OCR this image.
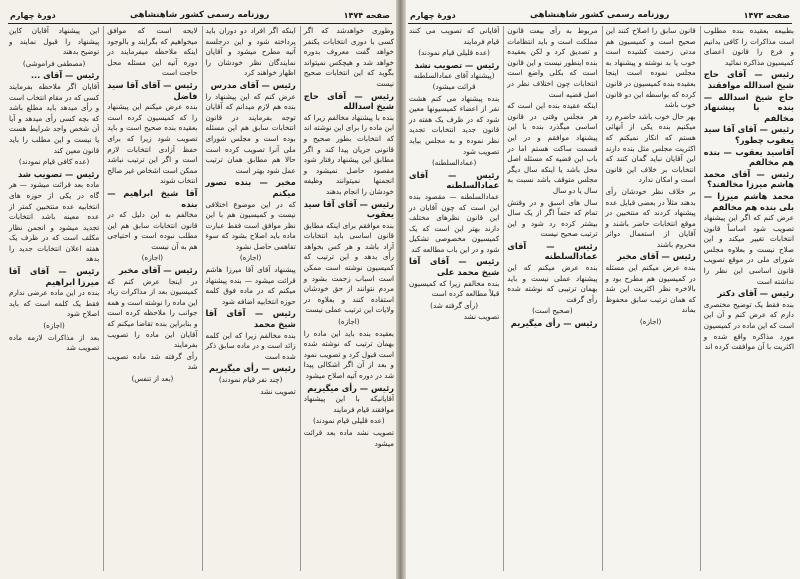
صفحه ۱۴۷۴
روزنامه رسمی کشور شاهنشاهی
دورهٔ چهارم

وطوری خواهدشد که اگر کسی با دوری انتخابات یکنفر خواهد گفت معروف بدوره خواهد شد و هیچکس نمیتواند بگوید که این انتخابات صحیح نیست

رئیس — آقای حاج شیخ اسدالله

بنده با پیشنهاد مخالفم زیرا که این ماده را برای این نوشته اند که انتخابات بطور صحیح و قانونی جریان پیدا کند و اگر مطابق این پیشنهاد رفتار شود مقصود حاصل نمیشود و انجمنها نمیتوانند وظیفه خودشان را انجام بدهند

رئیس — آقای آقا سید یعقوب

بنده موافقم برای اینکه مطابق قانون اساسی باید انتخابات آزاد باشد و هر کس بخواهد رأی بدهد و این ترتیب که کمیسیون نوشته است ممکن است اسباب زحمت بشود و مردم نتوانند از حق خودشان استفاده کنند و بعلاوه در ولایات این ترتیب عملی نیست

(اجازه)

بعقیده بنده باید این ماده را بهمان ترتیب که نوشته شده است قبول کرد و تصویب نمود و بعد از آن اگر اشکالی پیدا شد در دوره آتیه اصلاح میشود

رئیس — رأی میگیریم

آقایانیکه با این پیشنهاد موافقند قیام فرمایند

(عده قلیلی قیام نمودند)

تصویب نشد ماده بعد قرائت میشود

اینکه اگر افراد دو دوران باید پرداخته شود و این درجلسه آتیه مطرح میشود و آقایان نمایندگان نظر خودشان را اظهار خواهند کرد

رئیس — آقای مدرس

عرض کنم که این پیشنهاد را بنده هم لازم میدانم که آقایان توجه بفرمایند در قانون انتخابات سابق هم این مسئله بوده است و مجلس شورای ملی آنرا تصویب کرده است حالا هم مطابق همان ترتیب عمل شود بهتر است

مخبر — بنده تصور میکنم

که در این موضوع اختلافی نیست و کمیسیون هم با این نظر موافق است فقط عبارت ماده باید اصلاح بشود که سوء تفاهمی حاصل نشود

(اجازه)

پیشنهاد آقای آقا میرزا هاشم قرائت میشود — بنده پیشنهاد میکنم که در ماده فوق کلمه حوزه انتخابیه اضافه شود

رئیس — آقای آقا شیخ محمد

بنده مخالفم زیرا که این کلمه زائد است و در ماده سابق ذکر شده است

رئیس — رأی میگیریم

(چند نفر قیام نمودند)

تصویب نشد

لایحه است که موافق میخواهیم که بگرایند و بالوجود اینکه ملاحظه میفرمایند در دوره آتیه این مسئله محل حاجت است

رئیس — آقای آقا سید فاضل

بنده عرض میکنم این پیشنهاد را که کمیسیون کرده است بعقیده بنده صحیح است و باید تصویب شود زیرا که برای حفظ آزادی انتخابات لازم است و اگر این ترتیب نباشد ممکن است اشخاص غیر صالح انتخاب شوند

آقا شیخ ابراهیم — بنده

مخالفم به این دلیل که در قانون انتخابات سابق هم این مطلب نبوده است و احتیاجی هم به آن نیست

(اجازه)

رئیس — آقای مخبر

در اینجا عرض کنم که کمیسیون بعد از مذاکرات زیاد این ماده را نوشته است و همه جوانب را ملاحظه کرده است و بنابراین بنده تقاضا میکنم که آقایان این ماده را تصویب بفرمایند

رأی گرفته شد ماده تصویب شد

(بعد از تنفس)

این پیشنهاد آقایان کاین پیشنهاد را قبول نمایند و توضیح بدهند

(مصطفی فراموشی)

رئیس — آقای ...

آقایان اگر ملاحظه بفرمایند کسی که در مقام انتخاب است و رأی میدهد باید مطلع باشد که بچه کسی رأی میدهد و آیا آن شخص واجد شرایط هست یا نیست و این مطلب را باید قانون معین کند

(عده کافی قیام نمودند)

رئیس — تصویب شد

ماده بعد قرائت میشود — هر گاه در یکی از حوزه های انتخابیه عده منتخبین کمتر از عده معینه باشد انتخابات تجدید میشود و انجمن نظار مکلف است که در ظرف یک هفته اعلان انتخابات جدید را بدهد

رئیس — آقای آقا میرزا ابراهیم

بنده در این ماده عرضی ندارم فقط یک کلمه است که باید اصلاح شود

(اجازه)

بعد از مذاکرات لازمه ماده تصویب شد

صفحه ۱۴۷۳
روزنامه رسمی کشور شاهنشاهی
دورهٔ چهارم

بطبیعه بعقیده بنده مطلوب است مذاکرات را کافی بدانیم و فرع را قانون اعضای کمیسیون مذاکره نمائید

رئیس — آقای حاج شیخ اسدالله موافقند

حاج شیخ اسدالله — بنده با پیشنهاد مخالفم

رئیس — آقای آقا سید یعقوب چطور؟

آقاسید یعقوب — بنده هم مخالفم

رئیس — آقای محمد هاشم میرزا مخالفند؟

محمد هاشم میرزا — بلی بنده هم مخالفم

عرض کنم که اگر این پیشنهاد تصویب شود اساساً قانون انتخابات تغییر میکند و این صلاح نیست و بعلاوه مجلس شورای ملی در موقع تصویب قانون اساسی این نظر را نداشته است

رئیس — آقای دکتر

بنده فقط یک توضیح مختصری دارم که عرض کنم و آن این است که این ماده در کمیسیون مورد مذاکره واقع شده و اکثریت با آن موافقت کرده اند

قانون سابق را اصلاح کنند این صحیح است و کمیسیون هم مدتی زحمت کشیده است خوب یا بد نوشته و پیشنهاد به مجلس نموده است اینجا بعقیده بنده کمیسیون در قانون کرده که بواسطه این دو قانون خوب باشد

بهر حال خوب باشد حاضرم رد میکنیم بنده یکی از آنهائی هستم که انکار نمیکنم که اکثریت مجلس مثل بنده دارند این آقایان نباید گمان کنند که انتخابات بر خلاف این قانون است و امکان ندارد

بر خلاف نظر خودشان رأی بدهند مثلاً در بعضی قبایل عده پیشنهاد کردند که منتخبین در موقع انتخابات حاضر باشند و آقایان از استعمال دوائر محروم باشند

رئیس — آقای مخبر

بنده عرض میکنم این مسئله در کمیسیون هم مطرح بود و بالاخره نظر اکثریت این شد که همان ترتیب سابق محفوظ بماند

(اجازه)

مربوط به رأی بیعت قانون مملکت است و باید انتظامات و تصدیق کرد و لکن بعقیده بنده اینطور نیست و این قانون است که بکلی واضع است انتخابات چون اختلاف نظر در اصل قضیه است

اینکه عقیده بنده این است که هر مجلس وقتی در قانون اساسی میگذرد بنده با این پیشنهاد موافقم و در این قسمت ساکت هستم اما در باب این قضیه که مسئله اصل محل باشد یا اینکه سال دیگر مجلس متوقف باشد نسبت به سال یا دو سال

سال های اسبق و در وقتش تمام که حتماً اگر از یک سال بیشتر کرده رد شود و این ترتیب صحیح نیست

رئیس — آقای عمادالسلطنه

بنده عرض میکنم که این پیشنهاد عملی نیست و باید بهمان ترتیبی که نوشته شده رأی گرفت

(صحیح است)

رئیس — رأی میگیریم

آقایانی که تصویب می کنند قیام فرمایند

(عده قلیلی قیام نمودند)

رئیس — تصویب نشد

(پیشنهاد آقای عمادالسلطنه قرائت میشود)

بنده پیشنهاد می کنم هشت نفر از اعضاء کمیسیونها معین شود که در ظرف یک هفته در قانون جدید انتخابات تجدید نظر نموده و به مجلس بیاید تصویب شود

(عمادالسلطنه)

رئیس — آقای عمادالسلطنه

عمادالسلطنه — مقصود بنده این است که چون آقایان در این قانون نظرهای مختلف دارند بهتر این است که یک کمیسیون مخصوصی تشکیل شود و در این باب مطالعه کند

رئیس — آقای آقا شیخ محمد علی

بنده مخالفم زیرا که کمیسیون قبلاً مطالعه کرده است

(رأی گرفته شد)

تصویب نشد
